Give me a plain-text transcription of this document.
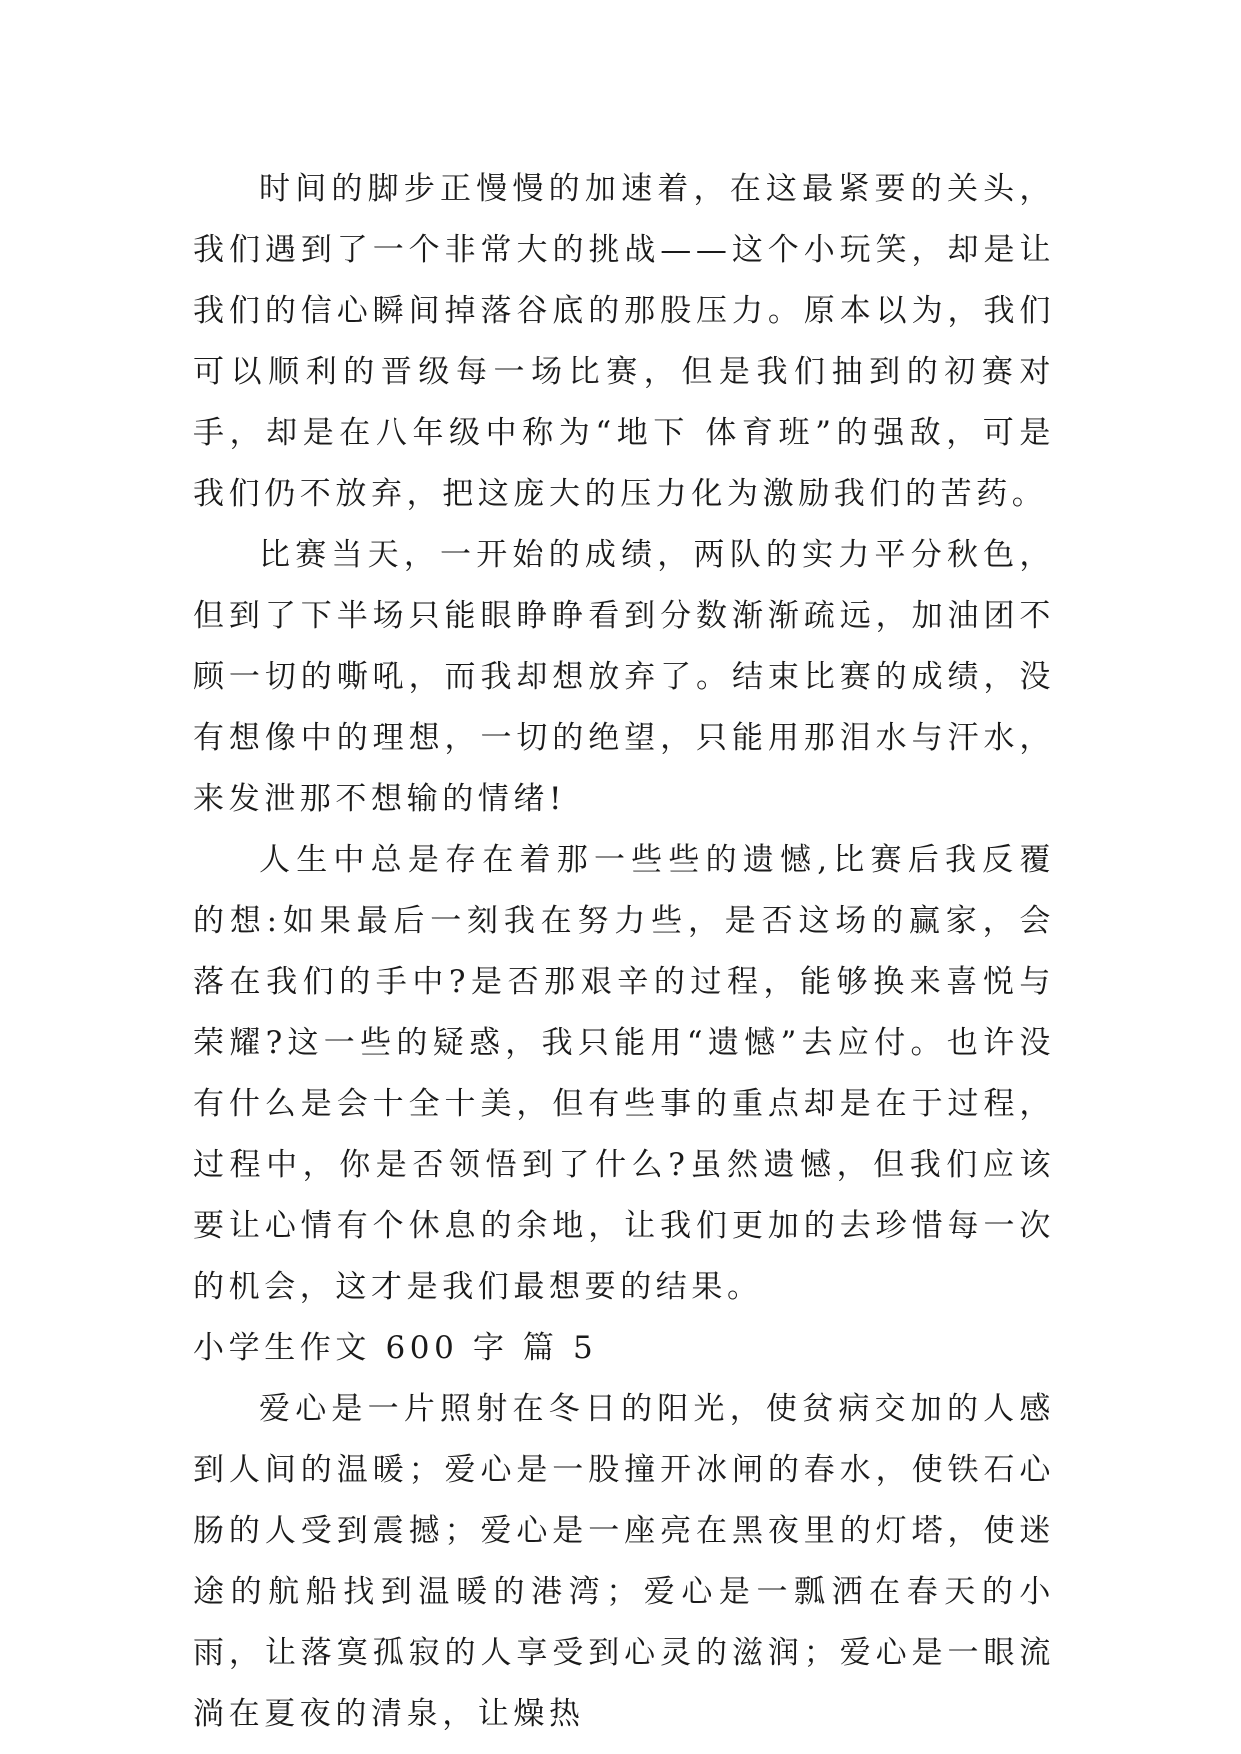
时间的脚步正慢慢的加速着，在这最紧要的关头，我们遇到了一个非常大的挑战——这个小玩笑，却是让我们的信心瞬间掉落谷底的那股压力。原本以为，我们可以顺利的晋级每一场比赛，但是我们抽到的初赛对手，却是在八年级中称为“地下 体育班”的强敌，可是我们仍不放弃，把这庞大的压力化为激励我们的苦药。

比赛当天，一开始的成绩，两队的实力平分秋色，但到了下半场只能眼睁睁看到分数渐渐疏远，加油团不顾一切的嘶吼，而我却想放弃了。结束比赛的成绩，没有想像中的理想，一切的绝望，只能用那泪水与汗水，来发泄那不想输的情绪!

人生中总是存在着那一些些的遗憾,比赛后我反覆的想:如果最后一刻我在努力些，是否这场的赢家，会落在我们的手中?是否那艰辛的过程，能够换来喜悦与荣耀?这一些的疑惑，我只能用“遗憾”去应付。也许没有什么是会十全十美，但有些事的重点却是在于过程，过程中，你是否领悟到了什么?虽然遗憾，但我们应该要让心情有个休息的余地，让我们更加的去珍惜每一次的机会，这才是我们最想要的结果。

小学生作文 600 字 篇 5

爱心是一片照射在冬日的阳光，使贫病交加的人感到人间的温暖；爱心是一股撞开冰闸的春水，使铁石心肠的人受到震撼；爱心是一座亮在黑夜里的灯塔，使迷途的航船找到温暖的港湾；爱心是一瓢洒在春天的小雨，让落寞孤寂的人享受到心灵的滋润；爱心是一眼流淌在夏夜的清泉，让燥热
